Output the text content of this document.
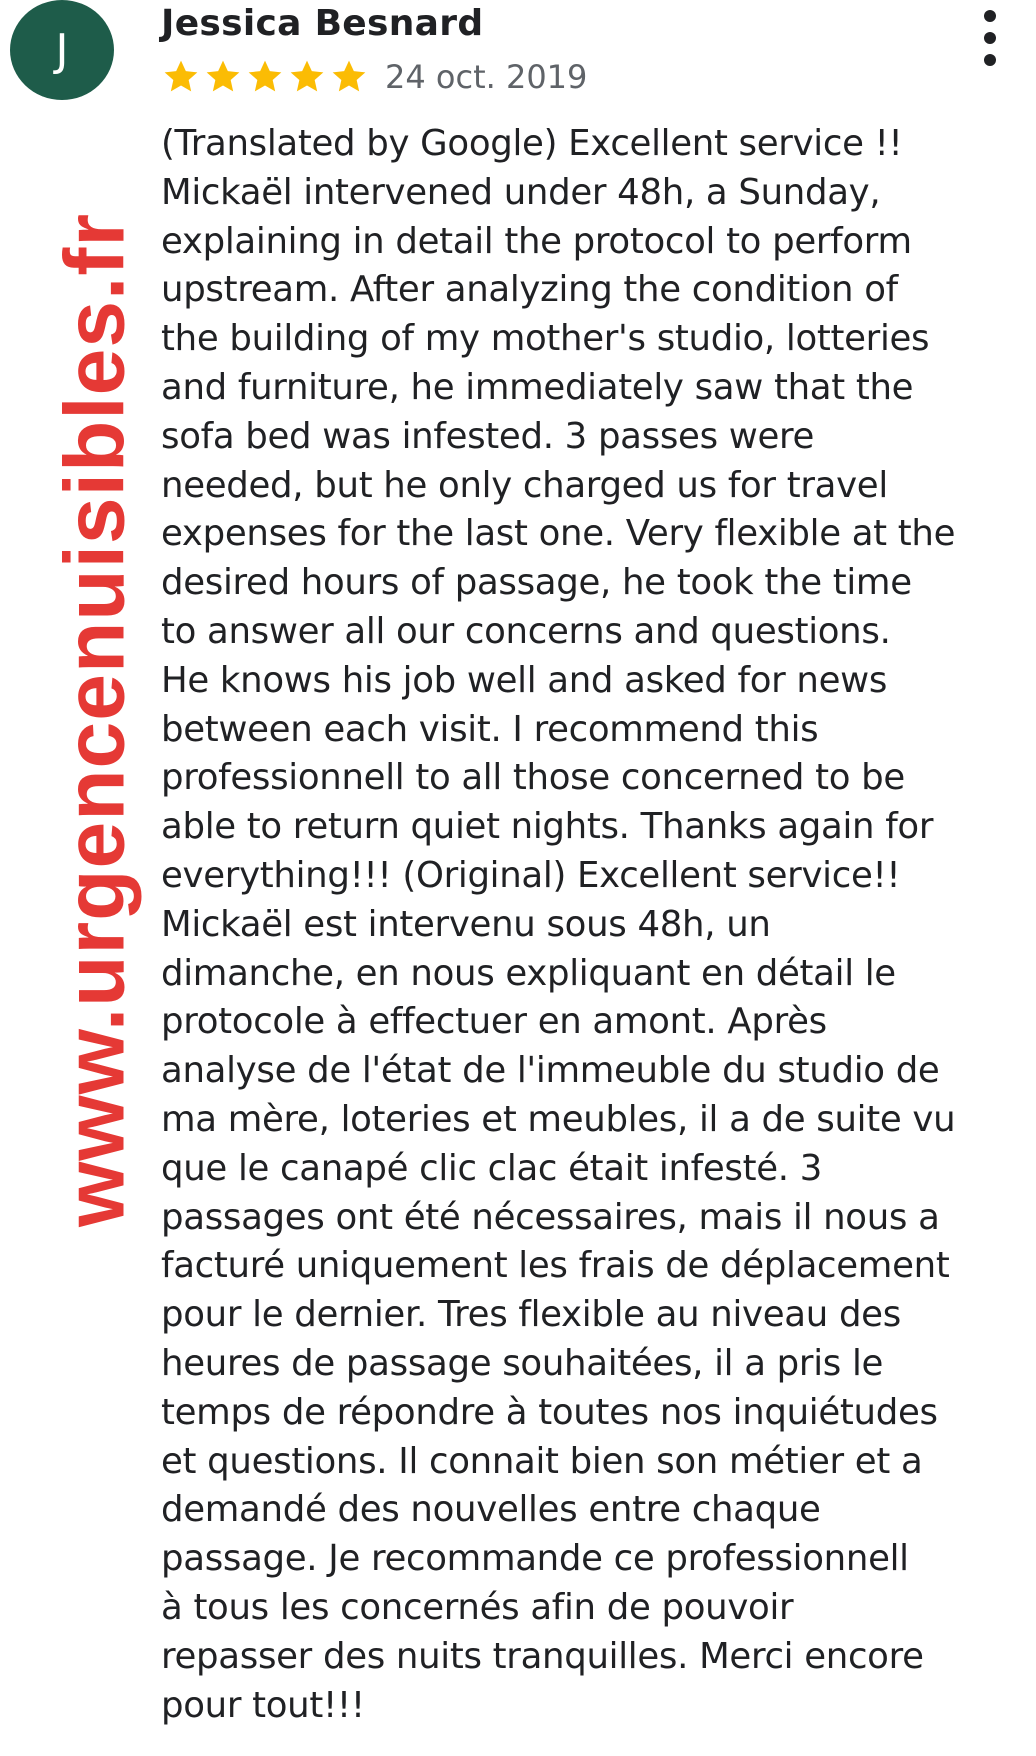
J
Jessica Besnard
24 oct. 2019

(Translated by Google) Excellent service !!
Mickaël intervened under 48h, a Sunday,
explaining in detail the protocol to perform
upstream. After analyzing the condition of
the building of my mother's studio, lotteries
and furniture, he immediately saw that the
sofa bed was infested. 3 passes were
needed, but he only charged us for travel
expenses for the last one. Very flexible at the
desired hours of passage, he took the time
to answer all our concerns and questions.
He knows his job well and asked for news
between each visit. I recommend this
professionnell to all those concerned to be
able to return quiet nights. Thanks again for
everything!!! (Original) Excellent service!!
Mickaël est intervenu sous 48h, un
dimanche, en nous expliquant en détail le
protocole à effectuer en amont. Après
analyse de l'état de l'immeuble du studio de
ma mère, loteries et meubles, il a de suite vu
que le canapé clic clac était infesté. 3
passages ont été nécessaires, mais il nous a
facturé uniquement les frais de déplacement
pour le dernier. Tres flexible au niveau des
heures de passage souhaitées, il a pris le
temps de répondre à toutes nos inquiétudes
et questions. Il connait bien son métier et a
demandé des nouvelles entre chaque
passage. Je recommande ce professionnell
à tous les concernés afin de pouvoir
repasser des nuits tranquilles. Merci encore
pour tout!!!

www.urgencenuisibles.fr
